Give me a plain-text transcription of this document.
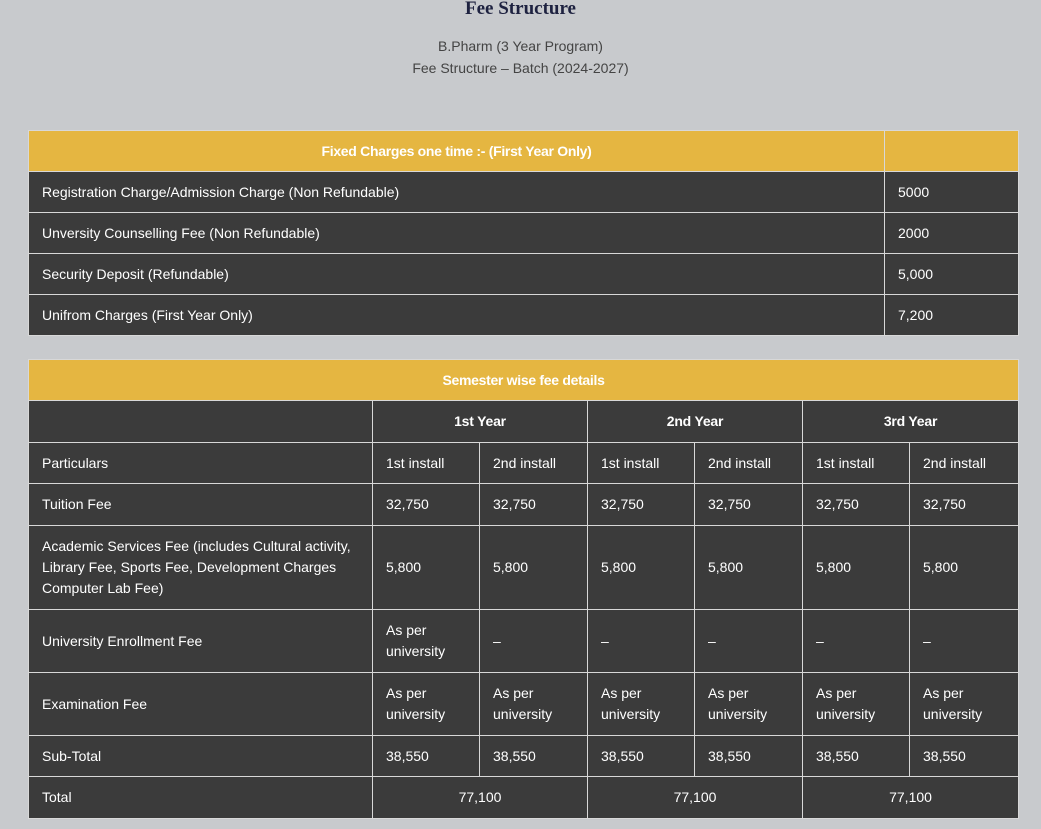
Fee Structure
B.Pharm (3 Year Program)
Fee Structure – Batch (2024-2027)
Fixed Charges one time :- (First Year Only)	
Registration Charge/Admission Charge (Non Refundable)	5000
Unversity Counselling Fee (Non Refundable)	2000
Security Deposit (Refundable)	5,000
Unifrom Charges (First Year Only)	7,200
Semester wise fee details						
	1st Year		2nd Year		3rd Year	
Particulars	1st install	2nd install	1st install	2nd install	1st install	2nd install
Tuition Fee	32,750	32,750	32,750	32,750	32,750	32,750
Academic Services Fee (includes Cultural activity, Library Fee, Sports Fee, Development Charges Computer Lab Fee)	5,800	5,800	5,800	5,800	5,800	5,800
University Enrollment Fee	As per university	–	–	–	–	–
Examination Fee	As per university	As per university	As per university	As per university	As per university	As per university
Sub-Total	38,550	38,550	38,550	38,550	38,550	38,550
Total	77,100		77,100		77,100	
